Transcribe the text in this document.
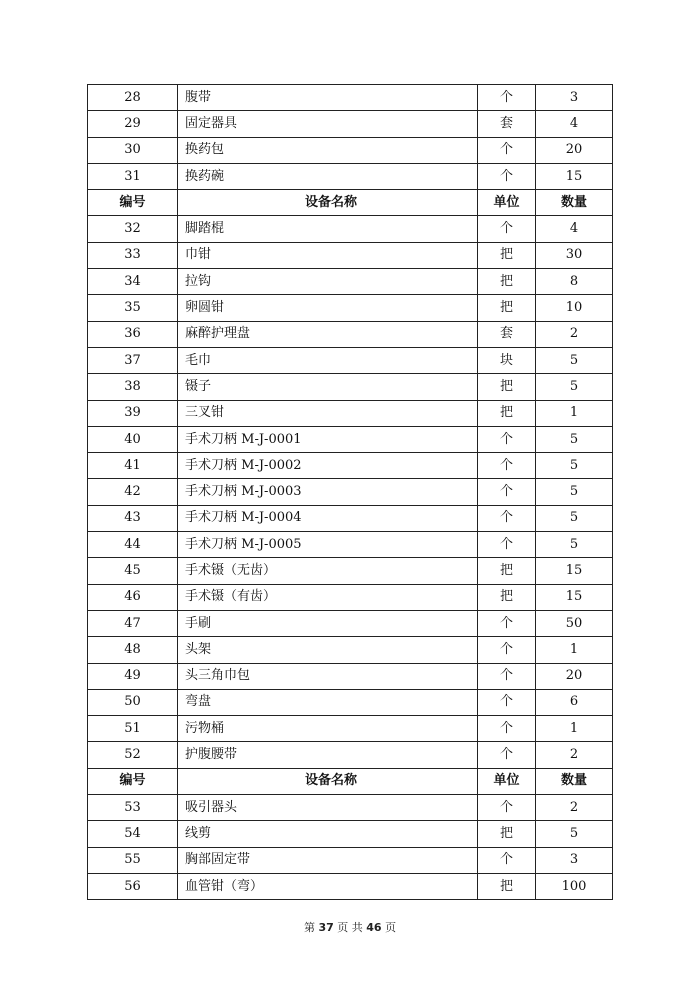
28	腹带	个	3
29	固定器具	套	4
30	换药包	个	20
31	换药碗	个	15
编号	设备名称	单位	数量
32	脚踏棍	个	4
33	巾钳	把	30
34	拉钩	把	8
35	卵圆钳	把	10
36	麻醉护理盘	套	2
37	毛巾	块	5
38	镊子	把	5
39	三叉钳	把	1
40	手术刀柄 M-J-0001	个	5
41	手术刀柄 M-J-0002	个	5
42	手术刀柄 M-J-0003	个	5
43	手术刀柄 M-J-0004	个	5
44	手术刀柄 M-J-0005	个	5
45	手术镊（无齿）	把	15
46	手术镊（有齿）	把	15
47	手刷	个	50
48	头架	个	1
49	头三角巾包	个	20
50	弯盘	个	6
51	污物桶	个	1
52	护腹腰带	个	2
编号	设备名称	单位	数量
53	吸引器头	个	2
54	线剪	把	5
55	胸部固定带	个	3
56	血管钳（弯）	把	100
第 37 页 共 46 页
